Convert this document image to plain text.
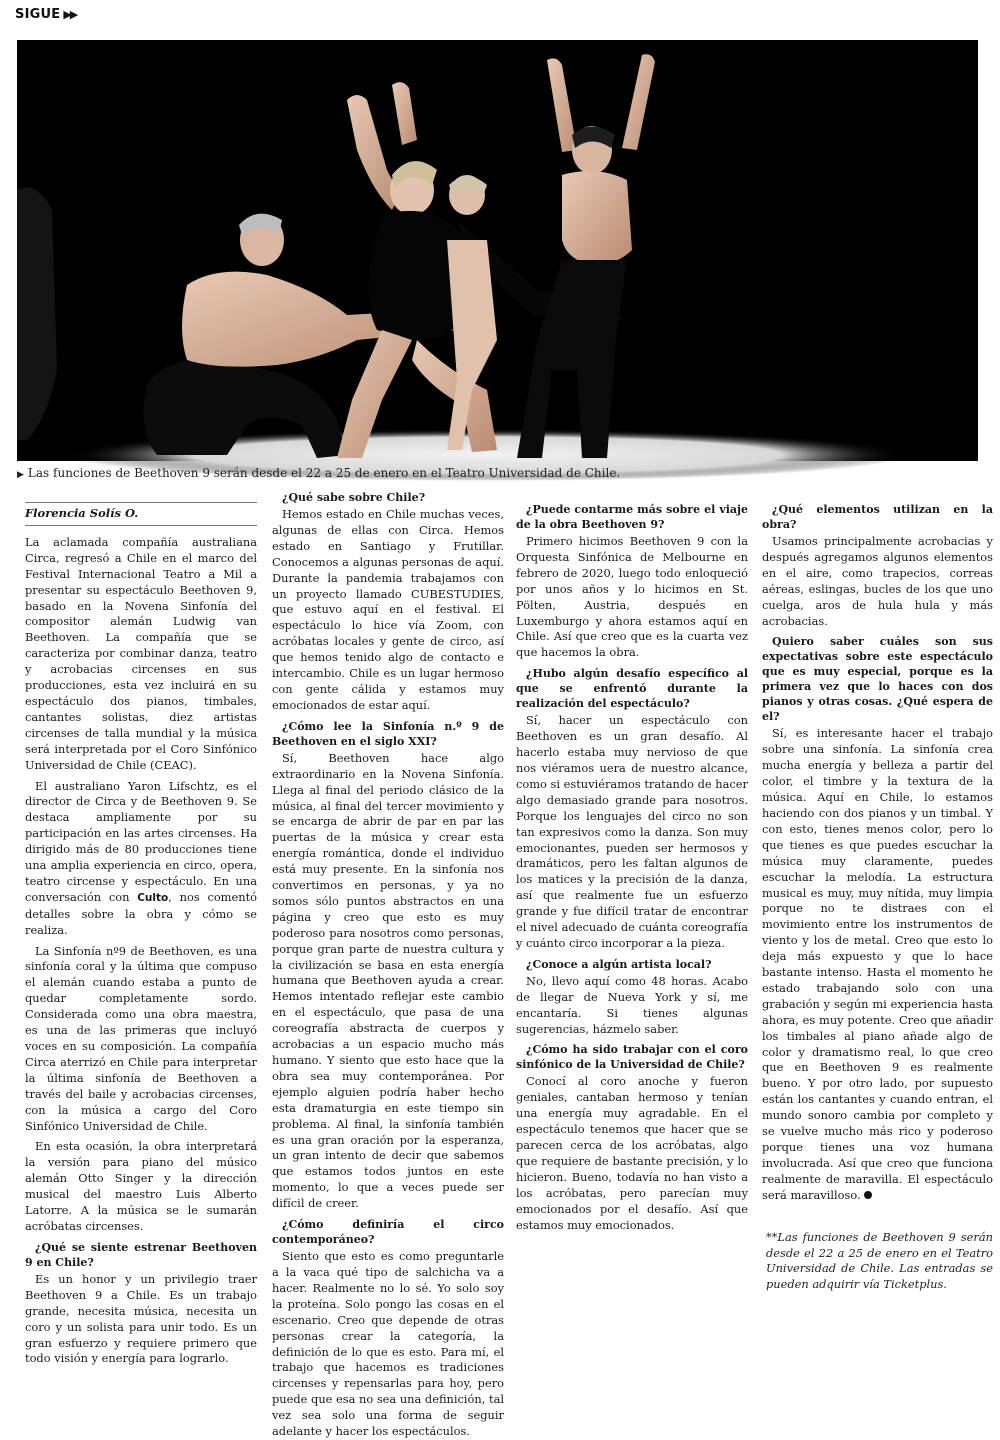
SIGUE ▶▶
▶ Las funciones de Beethoven 9 serán desde el 22 a 25 de enero en el Teatro Universidad de Chile.
Florencia Solís O.

La aclamada compañía australiana Circa, regresó a Chile en el marco del Festival Internacional Teatro a Mil a presentar su espectáculo Beethoven 9, basado en la Novena Sinfonía del compositor alemán Ludwig van Beethoven. La compañía que se caracteriza por combinar danza, teatro y acrobacias circenses en sus producciones, esta vez incluirá en su espectáculo dos pianos, timbales, cantantes solistas, diez artistas circenses de talla mundial y la música será interpretada por el Coro Sinfónico Universidad de Chile (CEAC).

El australiano Yaron Lifschtz, es el director de Circa y de Beethoven 9. Se destaca ampliamente por su participación en las artes circenses. Ha dirigido más de 80 producciones tiene una amplia experiencia en circo, opera, teatro circense y espectáculo. En una conversación con Culto, nos comentó detalles sobre la obra y cómo se realiza.

La Sinfonía nº9 de Beethoven, es una sinfonía coral y la última que compuso el alemán cuando estaba a punto de quedar completamente sordo. Considerada como una obra maestra, es una de las primeras que incluyó voces en su composición. La compañía Circa aterrizó en Chile para interpretar la última sinfonía de Beethoven a través del baile y acrobacias circenses, con la música a cargo del Coro Sinfónico Universidad de Chile.

En esta ocasión, la obra interpretará la versión para piano del músico alemán Otto Singer y la dirección musical del maestro Luis Alberto Latorre. A la música se le sumarán acróbatas circenses.

¿Qué se siente estrenar Beethoven 9 en Chile?

Es un honor y un privilegio traer Beethoven 9 a Chile. Es un trabajo grande, necesita música, necesita un coro y un solista para unir todo. Es un gran esfuerzo y requiere primero que todo visión y energía para lograrlo.

¿Qué sabe sobre Chile?

Hemos estado en Chile muchas veces, algunas de ellas con Circa. Hemos estado en Santiago y Frutillar. Conocemos a algunas personas de aquí. Durante la pandemia trabajamos con un proyecto llamado CUBESTUDIES, que estuvo aquí en el festival. El espectáculo lo hice vía Zoom, con acróbatas locales y gente de circo, así que hemos tenido algo de contacto e intercambio. Chile es un lugar hermoso con gente cálida y estamos muy emocionados de estar aquí.

¿Cómo lee la Sinfonía n.º 9 de Beethoven en el siglo XXI?

Sí, Beethoven hace algo extraordinario en la Novena Sinfonía. Llega al final del periodo clásico de la música, al final del tercer movimiento y se encarga de abrir de par en par las puertas de la música y crear esta energía romántica, donde el individuo está muy presente. En la sinfonía nos convertimos en personas, y ya no somos sólo puntos abstractos en una página y creo que esto es muy poderoso para nosotros como personas, porque gran parte de nuestra cultura y la civilización se basa en esta energía humana que Beethoven ayuda a crear. Hemos intentado reflejar este cambio en el espectáculo, que pasa de una coreografía abstracta de cuerpos y acrobacias a un espacio mucho más humano. Y siento que esto hace que la obra sea muy contemporánea. Por ejemplo alguien podría haber hecho esta dramaturgia en este tiempo sin problema. Al final, la sinfonía también es una gran oración por la esperanza, un gran intento de decir que sabemos que estamos todos juntos en este momento, lo que a veces puede ser difícil de creer.

¿Cómo definiría el circo contemporáneo?

Siento que esto es como preguntarle a la vaca qué tipo de salchicha va a hacer. Realmente no lo sé. Yo solo soy la proteína. Solo pongo las cosas en el escenario. Creo que depende de otras personas crear la categoría, la definición de lo que es esto. Para mí, el trabajo que hacemos es tradiciones circenses y repensarlas para hoy, pero puede que esa no sea una definición, tal vez sea solo una forma de seguir adelante y hacer los espectáculos.

¿Puede contarme más sobre el viaje de la obra Beethoven 9?

Primero hicimos Beethoven 9 con la Orquesta Sinfónica de Melbourne en febrero de 2020, luego todo enloqueció por unos años y lo hicimos en St. Pölten, Austria, después en Luxemburgo y ahora estamos aquí en Chile. Así que creo que es la cuarta vez que hacemos la obra.

¿Hubo algún desafío específico al que se enfrentó durante la realización del espectáculo?

Sí, hacer un espectáculo con Beethoven es un gran desafío. Al hacerlo estaba muy nervioso de que nos viéramos uera de nuestro alcance, como si estuviéramos tratando de hacer algo demasiado grande para nosotros. Porque los lenguajes del circo no son tan expresivos como la danza. Son muy emocionantes, pueden ser hermosos y dramáticos, pero les faltan algunos de los matices y la precisión de la danza, así que realmente fue un esfuerzo grande y fue difícil tratar de encontrar el nivel adecuado de cuánta coreografía y cuánto circo incorporar a la pieza.

¿Conoce a algún artista local?

No, llevo aquí como 48 horas. Acabo de llegar de Nueva York y sí, me encantaría. Si tienes algunas sugerencias, házmelo saber.

¿Cómo ha sido trabajar con el coro sinfónico de la Universidad de Chile?

Conocí al coro anoche y fueron geniales, cantaban hermoso y tenían una energía muy agradable. En el espectáculo tenemos que hacer que se parecen cerca de los acróbatas, algo que requiere de bastante precisión, y lo hicieron. Bueno, todavía no han visto a los acróbatas, pero parecían muy emocionados por el desafío. Así que estamos muy emocionados.

¿Qué elementos utilizan en la obra?

Usamos principalmente acrobacias y después agregamos algunos elementos en el aire, como trapecios, correas aéreas, eslingas, bucles de los que uno cuelga, aros de hula hula y más acrobacias.

Quiero saber cuáles son sus expectativas sobre este espectáculo que es muy especial, porque es la primera vez que lo haces con dos pianos y otras cosas. ¿Qué espera de el?

Sí, es interesante hacer el trabajo sobre una sinfonía. La sinfonía crea mucha energía y belleza a partir del color, el timbre y la textura de la música. Aquí en Chile, lo estamos haciendo con dos pianos y un timbal. Y con esto, tienes menos color, pero lo que tienes es que puedes escuchar la música muy claramente, puedes escuchar la melodía. La estructura musical es muy, muy nítida, muy limpia porque no te distraes con el movimiento entre los instrumentos de viento y los de metal. Creo que esto lo deja más expuesto y que lo hace bastante intenso. Hasta el momento he estado trabajando solo con una grabación y según mi experiencia hasta ahora, es muy potente. Creo que añadir los timbales al piano añade algo de color y dramatismo real, lo que creo que en Beethoven 9 es realmente bueno. Y por otro lado, por supuesto están los cantantes y cuando entran, el mundo sonoro cambia por completo y se vuelve mucho más rico y poderoso porque tienes una voz humana involucrada. Así que creo que funciona realmente de maravilla. El espectáculo será maravilloso.

**Las funciones de Beethoven 9 serán desde el 22 a 25 de enero en el Teatro Universidad de Chile. Las entradas se pueden adquirir vía Ticketplus.
